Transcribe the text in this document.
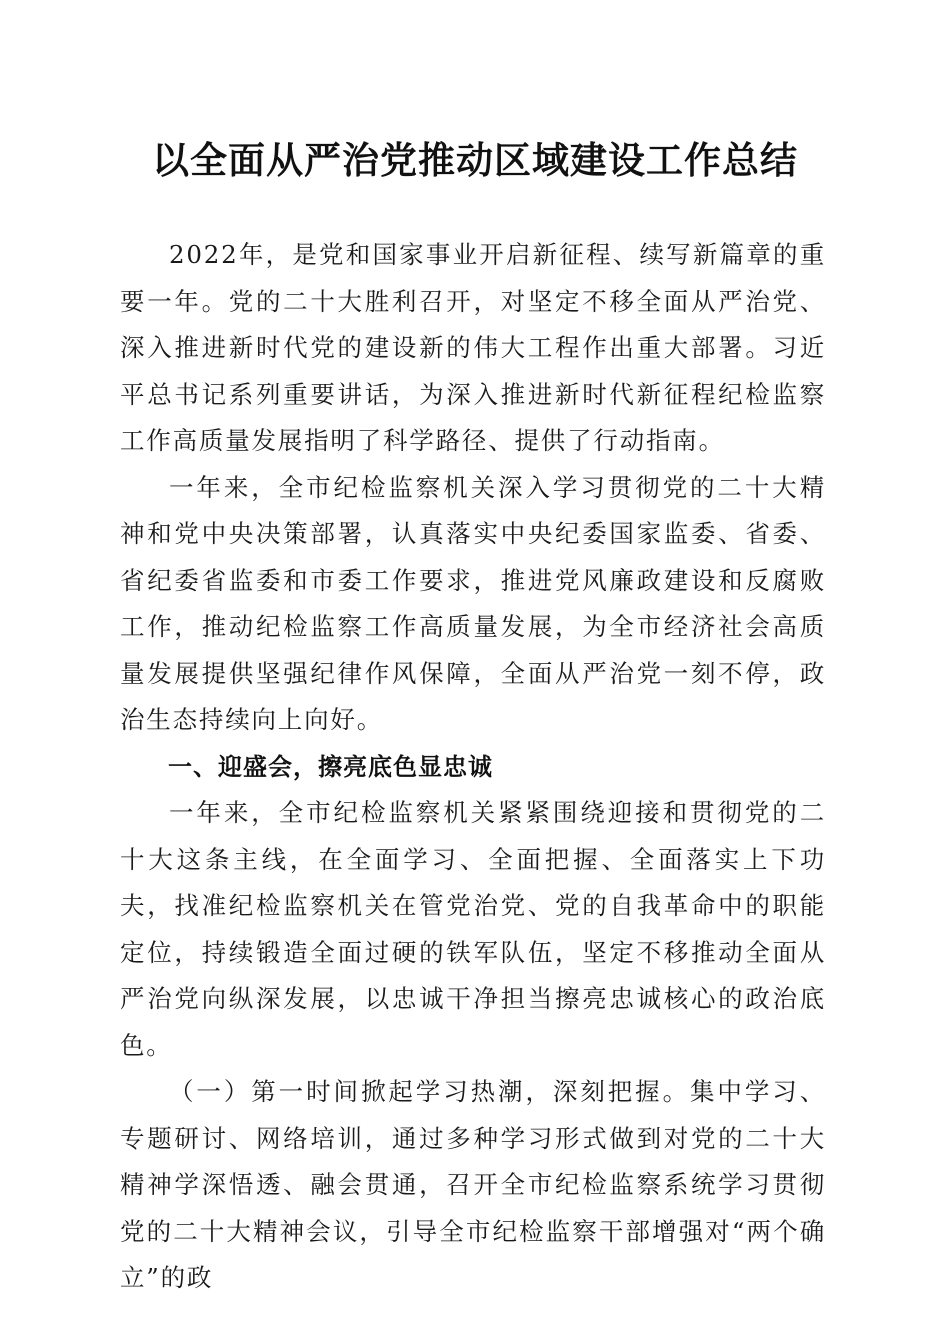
以全面从严治党推动区域建设工作总结

2022年，是党和国家事业开启新征程、续写新篇章的重要一年。党的二十大胜利召开，对坚定不移全面从严治党、深入推进新时代党的建设新的伟大工程作出重大部署。习近平总书记系列重要讲话，为深入推进新时代新征程纪检监察工作高质量发展指明了科学路径、提供了行动指南。

一年来，全市纪检监察机关深入学习贯彻党的二十大精神和党中央决策部署，认真落实中央纪委国家监委、省委、省纪委省监委和市委工作要求，推进党风廉政建设和反腐败工作，推动纪检监察工作高质量发展，为全市经济社会高质量发展提供坚强纪律作风保障，全面从严治党一刻不停，政治生态持续向上向好。

一、迎盛会，擦亮底色显忠诚

一年来，全市纪检监察机关紧紧围绕迎接和贯彻党的二十大这条主线，在全面学习、全面把握、全面落实上下功夫，找准纪检监察机关在管党治党、党的自我革命中的职能定位，持续锻造全面过硬的铁军队伍，坚定不移推动全面从严治党向纵深发展，以忠诚干净担当擦亮忠诚核心的政治底色。

（一）第一时间掀起学习热潮，深刻把握。集中学习、专题研讨、网络培训，通过多种学习形式做到对党的二十大精神学深悟透、融会贯通，召开全市纪检监察系统学习贯彻党的二十大精神会议，引导全市纪检监察干部增强对“两个确立”的政
